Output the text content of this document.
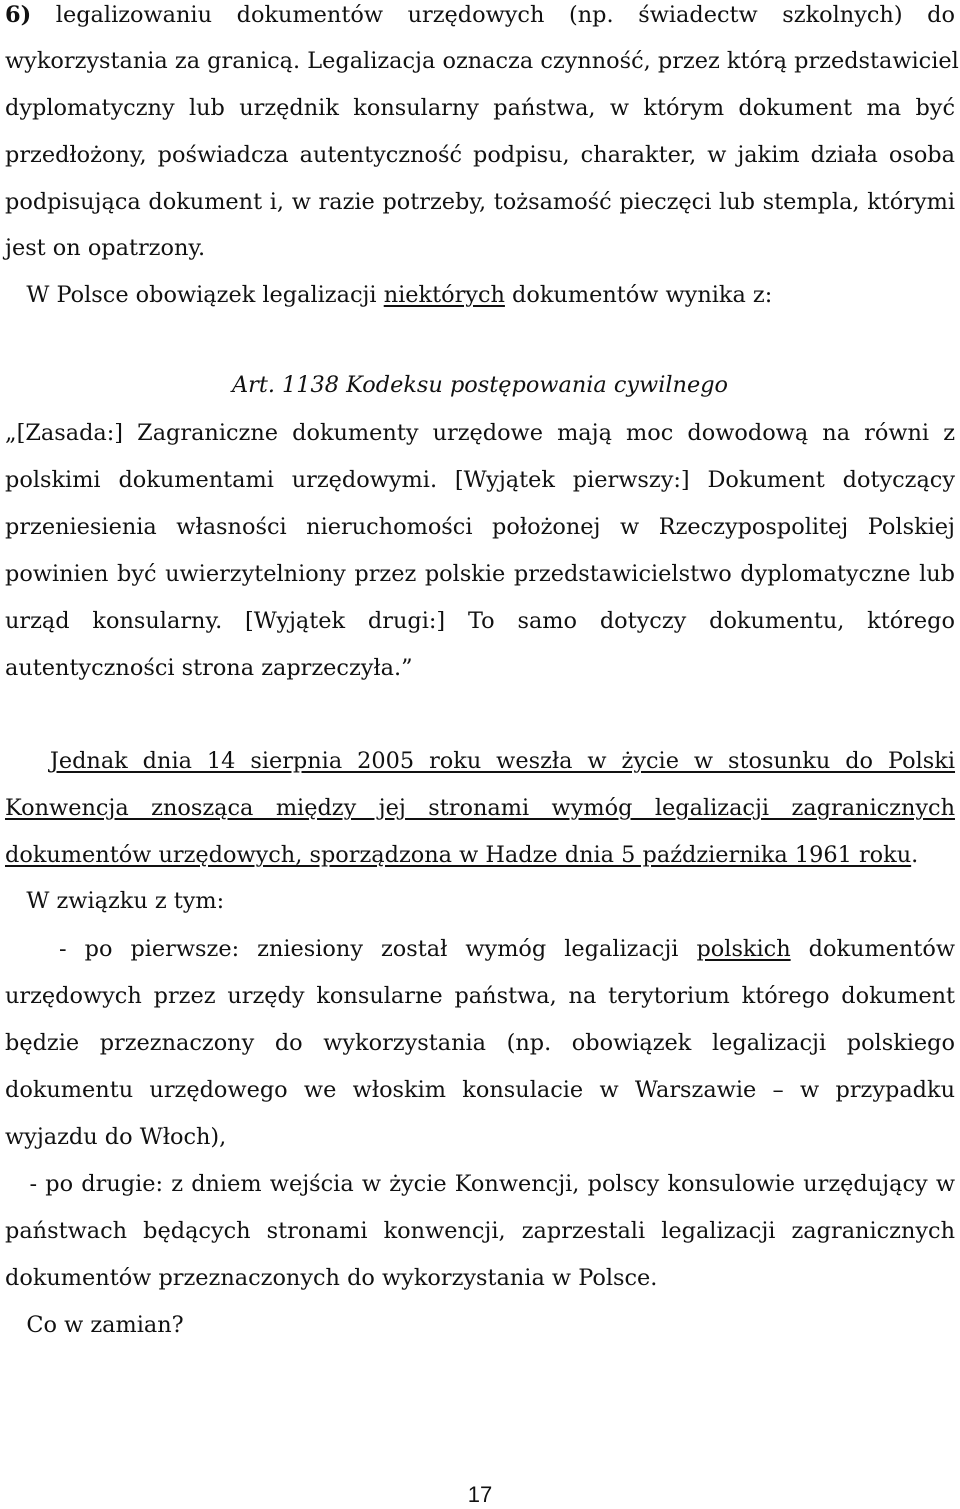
6) legalizowaniu dokumentów urzędowych (np. świadectw szkolnych) do
wykorzystania za granicą. Legalizacja oznacza czynność, przez którą przedstawiciel
dyplomatyczny lub urzędnik konsularny państwa, w którym dokument ma być
przedłożony, poświadcza autentyczność podpisu, charakter, w jakim działa osoba
podpisująca dokument i, w razie potrzeby, tożsamość pieczęci lub stempla, którymi
jest on opatrzony.
W Polsce obowiązek legalizacji niektórych dokumentów wynika z:
Art. 1138 Kodeksu postępowania cywilnego
„[Zasada:] Zagraniczne dokumenty urzędowe mają moc dowodową na równi z
polskimi dokumentami urzędowymi. [Wyjątek pierwszy:] Dokument dotyczący
przeniesienia własności nieruchomości położonej w Rzeczypospolitej Polskiej
powinien być uwierzytelniony przez polskie przedstawicielstwo dyplomatyczne lub
urząd konsularny. [Wyjątek drugi:] To samo dotyczy dokumentu, którego
autentyczności strona zaprzeczyła.”
Jednak dnia 14 sierpnia 2005 roku weszła w życie w stosunku do Polski
Konwencja znosząca między jej stronami wymóg legalizacji zagranicznych
dokumentów urzędowych, sporządzona w Hadze dnia 5 października 1961 roku.
W związku z tym:
- po pierwsze: zniesiony został wymóg legalizacji polskich dokumentów
urzędowych przez urzędy konsularne państwa, na terytorium którego dokument
będzie przeznaczony do wykorzystania (np. obowiązek legalizacji polskiego
dokumentu urzędowego we włoskim konsulacie w Warszawie – w przypadku
wyjazdu do Włoch),
- po drugie: z dniem wejścia w życie Konwencji, polscy konsulowie urzędujący w
państwach będących stronami konwencji, zaprzestali legalizacji zagranicznych
dokumentów przeznaczonych do wykorzystania w Polsce.
Co w zamian?
17
